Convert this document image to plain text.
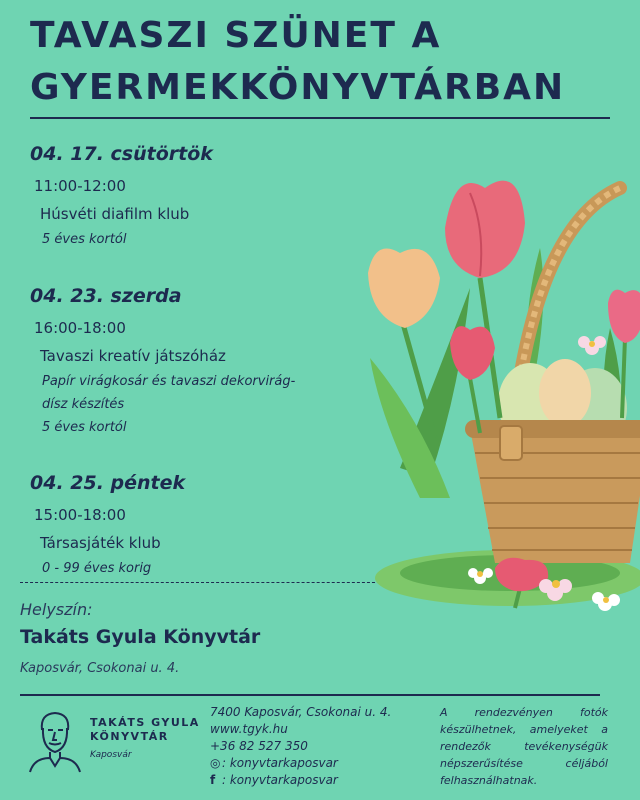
TAVASZI SZÜNET A
GYERMEKKÖNYVTÁRBAN

04. 17. csütörtök

11:00-12:00

Húsvéti diafilm klub

5 éves kortól

04. 23. szerda

16:00-18:00

Tavaszi kreatív játszóház

Papír virágkosár és tavaszi dekorvirág-
dísz készítés
5 éves kortól

04. 25. péntek

15:00-18:00

Társasjáték klub

0 - 99 éves korig
Helyszín:
Takáts Gyula Könyvtár
Kaposvár, Csokonai u. 4.
TAKÁTS GYULA
KÖNYVTÁR
Kaposvár
7400 Kaposvár, Csokonai u. 4.
www.tgyk.hu
+36 82 527 350
◎ : konyvtarkaposvar
f : konyvtarkaposvar
A rendezvényen fotók készülhetnek, amelyeket a rendezők tevékenységük népszerűsítése céljából felhasználhatnak.
